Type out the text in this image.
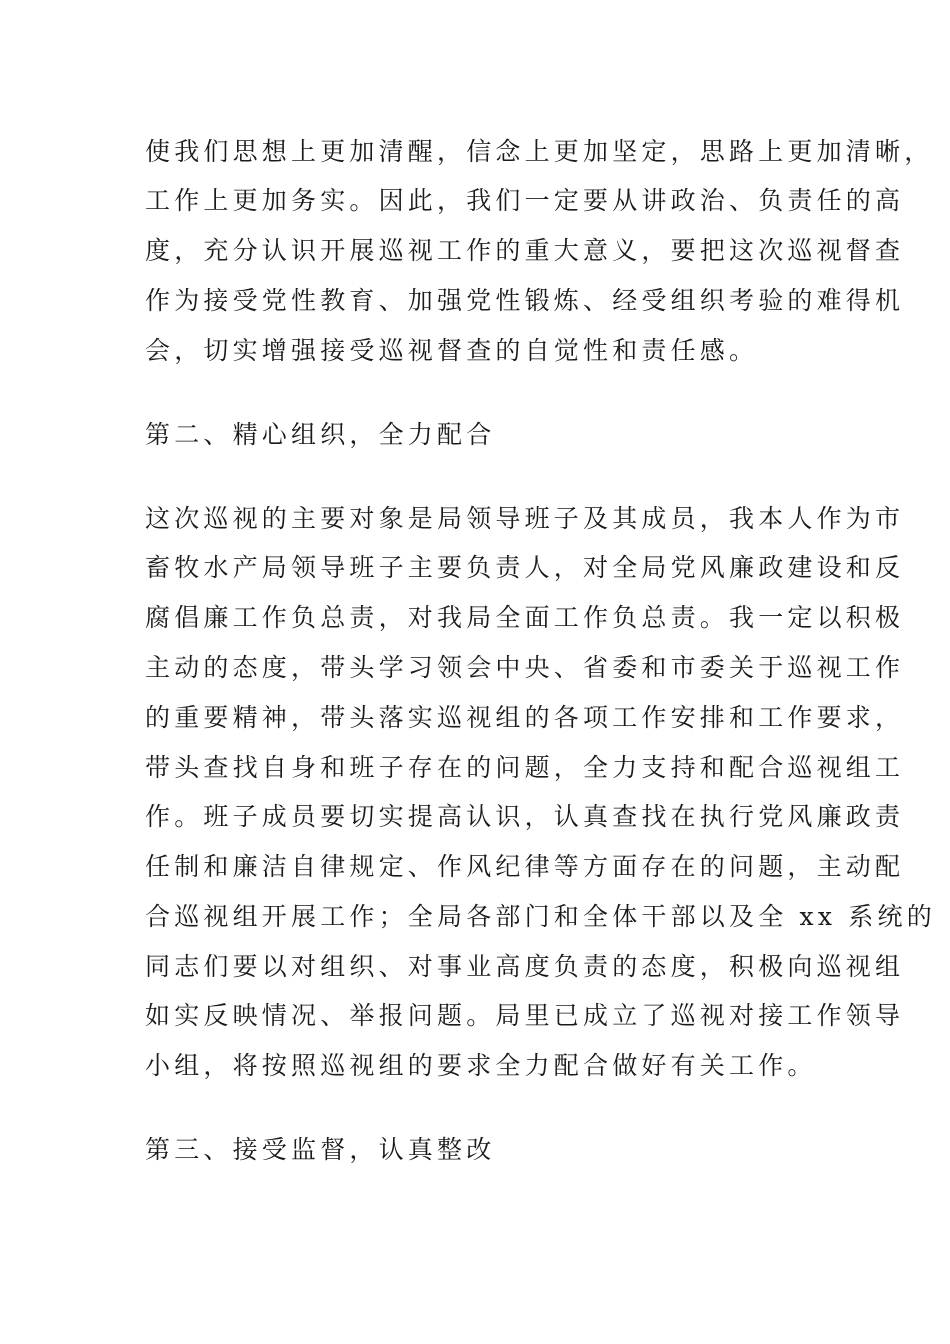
使我们思想上更加清醒，信念上更加坚定，思路上更加清晰，
工作上更加务实。因此，我们一定要从讲政治、负责任的高
度，充分认识开展巡视工作的重大意义，要把这次巡视督查
作为接受党性教育、加强党性锻炼、经受组织考验的难得机
会，切实增强接受巡视督查的自觉性和责任感。
第二、精心组织，全力配合
这次巡视的主要对象是局领导班子及其成员，我本人作为市
畜牧水产局领导班子主要负责人，对全局党风廉政建设和反
腐倡廉工作负总责，对我局全面工作负总责。我一定以积极
主动的态度，带头学习领会中央、省委和市委关于巡视工作
的重要精神，带头落实巡视组的各项工作安排和工作要求，
带头查找自身和班子存在的问题，全力支持和配合巡视组工
作。班子成员要切实提高认识，认真查找在执行党风廉政责
任制和廉洁自律规定、作风纪律等方面存在的问题，主动配
合巡视组开展工作；全局各部门和全体干部以及全 xx 系统的
同志们要以对组织、对事业高度负责的态度，积极向巡视组
如实反映情况、举报问题。局里已成立了巡视对接工作领导
小组，将按照巡视组的要求全力配合做好有关工作。
第三、接受监督，认真整改
